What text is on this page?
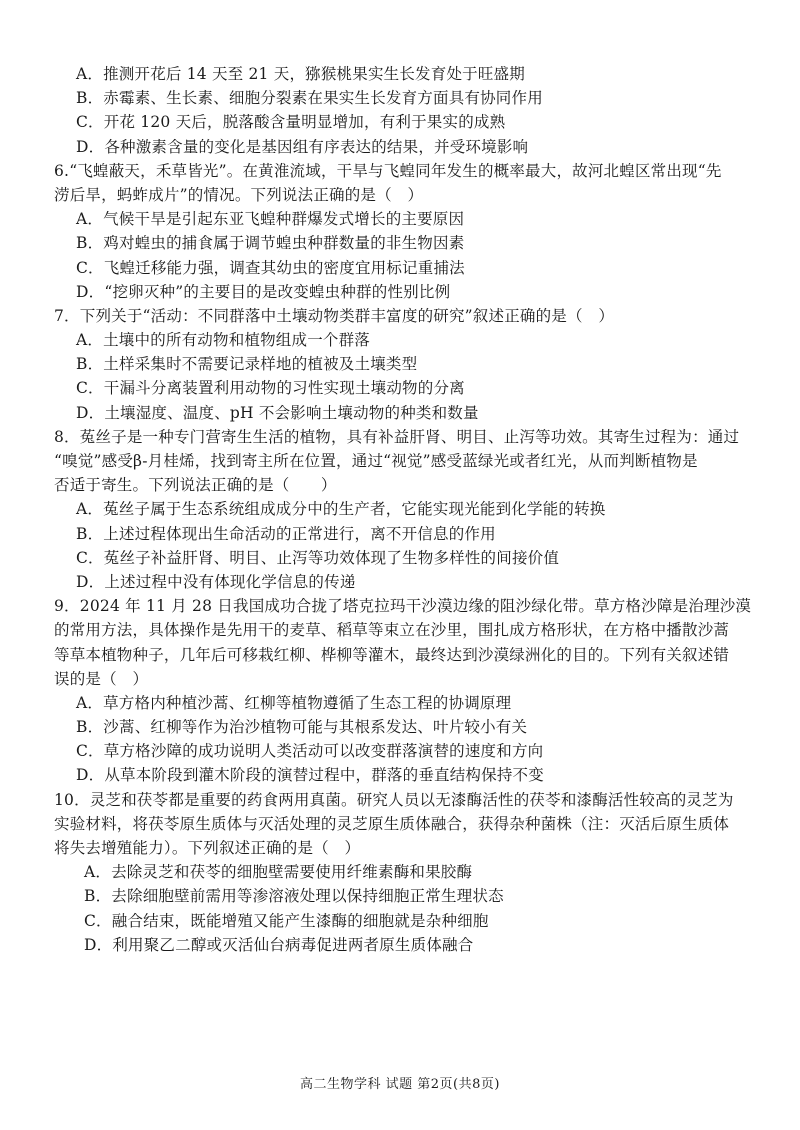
A．推测开花后 14 天至 21 天，猕猴桃果实生长发育处于旺盛期
B．赤霉素、生长素、细胞分裂素在果实生长发育方面具有协同作用
C．开花 120 天后，脱落酸含量明显增加，有利于果实的成熟
D．各种激素含量的变化是基因组有序表达的结果，并受环境影响
6.“飞蝗蔽天，禾草皆光”。在黄淮流域，干旱与飞蝗同年发生的概率最大，故河北蝗区常出现“先
涝后旱，蚂蚱成片”的情况。下列说法正确的是（　）
A．气候干旱是引起东亚飞蝗种群爆发式增长的主要原因
B．鸡对蝗虫的捕食属于调节蝗虫种群数量的非生物因素
C．飞蝗迁移能力强，调查其幼虫的密度宜用标记重捕法
D．“挖卵灭种”的主要目的是改变蝗虫种群的性别比例
7．下列关于“活动：不同群落中土壤动物类群丰富度的研究”叙述正确的是（　）
A．土壤中的所有动物和植物组成一个群落
B．土样采集时不需要记录样地的植被及土壤类型
C．干漏斗分离装置利用动物的习性实现土壤动物的分离
D．土壤湿度、温度、pH 不会影响土壤动物的种类和数量
8．菟丝子是一种专门营寄生生活的植物，具有补益肝肾、明目、止泻等功效。其寄生过程为：通过
“嗅觉”感受β-月桂烯，找到寄主所在位置，通过“视觉”感受蓝绿光或者红光，从而判断植物是
否适于寄生。下列说法正确的是（　　）
A．菟丝子属于生态系统组成成分中的生产者，它能实现光能到化学能的转换
B．上述过程体现出生命活动的正常进行，离不开信息的作用
C．菟丝子补益肝肾、明目、止泻等功效体现了生物多样性的间接价值
D．上述过程中没有体现化学信息的传递
9．2024 年 11 月 28 日我国成功合拢了塔克拉玛干沙漠边缘的阻沙绿化带。草方格沙障是治理沙漠
的常用方法，具体操作是先用干的麦草、稻草等束立在沙里，围扎成方格形状，在方格中播散沙蒿
等草本植物种子，几年后可移栽红柳、桦柳等灌木，最终达到沙漠绿洲化的目的。下列有关叙述错
误的是（　）
A．草方格内种植沙蒿、红柳等植物遵循了生态工程的协调原理
B．沙蒿、红柳等作为治沙植物可能与其根系发达、叶片较小有关
C．草方格沙障的成功说明人类活动可以改变群落演替的速度和方向
D．从草本阶段到灌木阶段的演替过程中，群落的垂直结构保持不变
10．灵芝和茯苓都是重要的药食两用真菌。研究人员以无漆酶活性的茯苓和漆酶活性较高的灵芝为
实验材料，将茯苓原生质体与灭活处理的灵芝原生质体融合，获得杂种菌株（注：灭活后原生质体
将失去增殖能力）。下列叙述正确的是（　）
A．去除灵芝和茯苓的细胞壁需要使用纤维素酶和果胶酶
B．去除细胞壁前需用等渗溶液处理以保持细胞正常生理状态
C．融合结束，既能增殖又能产生漆酶的细胞就是杂种细胞
D．利用聚乙二醇或灭活仙台病毒促进两者原生质体融合
高二生物学科 试题 第2页(共8页)
